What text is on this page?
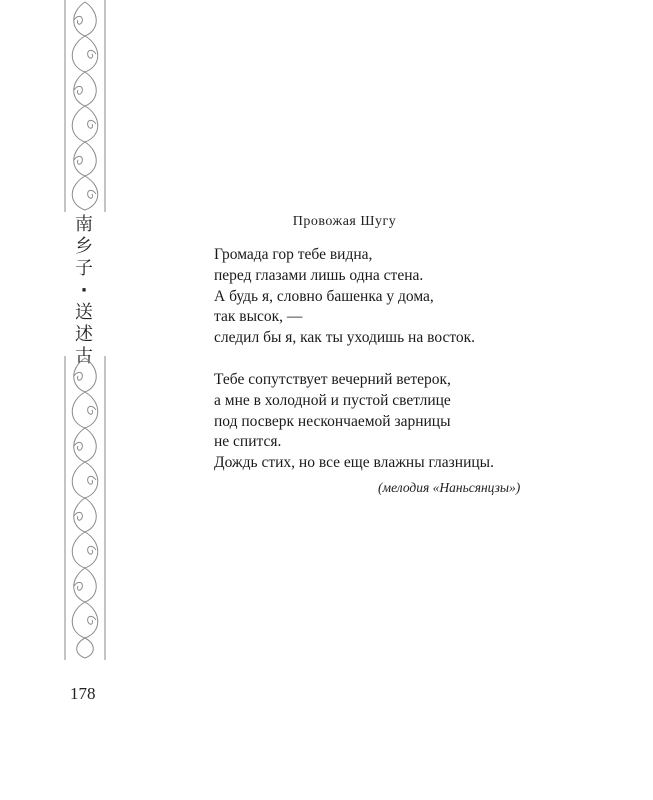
南
乡
子
·
送
述
古
178
Провожая Шугу
Громада гор тебе видна,
перед глазами лишь одна стена.
А будь я, словно башенка у дома,
так высок, —
следил бы я, как ты уходишь на восток.
Тебе сопутствует вечерний ветерок,
а мне в холодной и пустой светлице
под посверк нескончаемой зарницы
не спится.
Дождь стих, но все еще влажны глазницы.
(мелодия «Наньсянцзы»)
